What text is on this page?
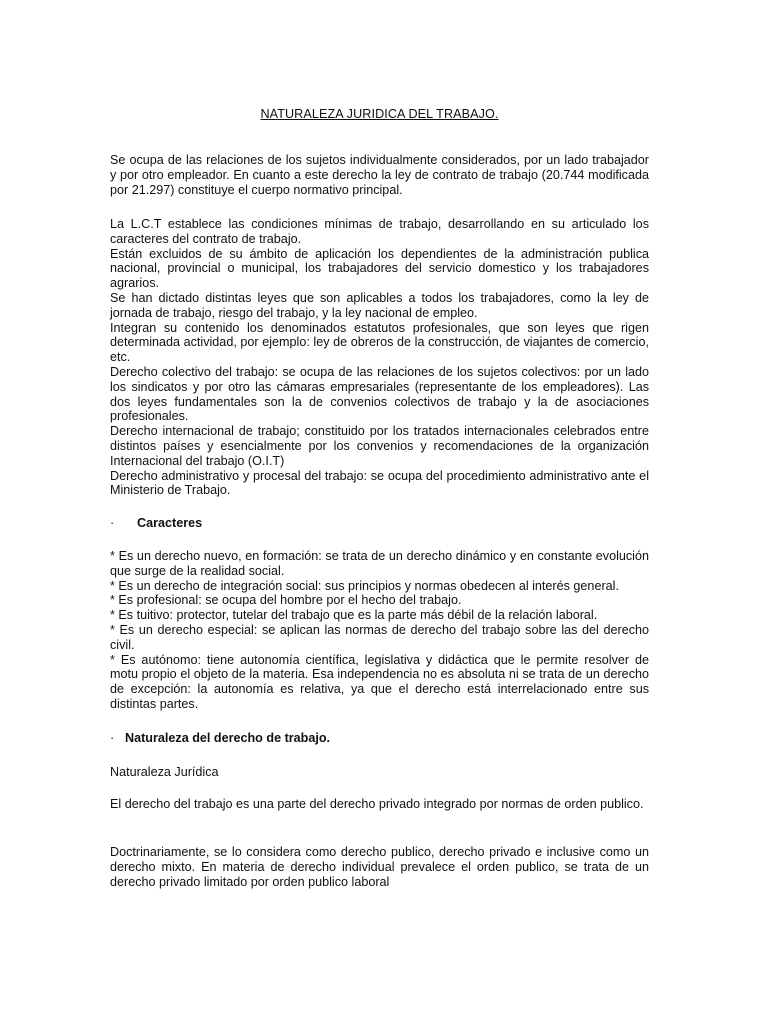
NATURALEZA JURIDICA DEL TRABAJO.

Se ocupa de las relaciones de los sujetos individualmente considerados, por un lado trabajador y por otro empleador. En cuanto a este derecho la ley de contrato de trabajo (20.744 modificada por 21.297) constituye el cuerpo normativo principal.

La L.C.T establece las condiciones mínimas de trabajo, desarrollando en su articulado los caracteres del contrato de trabajo.

Están excluidos de su ámbito de aplicación los dependientes de la administración publica nacional, provincial o municipal, los trabajadores del servicio domestico y los trabajadores agrarios.

Se han dictado distintas leyes que son aplicables a todos los trabajadores, como la ley de jornada de trabajo, riesgo del trabajo, y la ley nacional de empleo.

Integran su contenido los denominados estatutos profesionales, que son leyes que rigen determinada actividad, por ejemplo: ley de obreros de la construcción, de viajantes de comercio, etc.

Derecho colectivo del trabajo: se ocupa de las relaciones de los sujetos colectivos: por un lado los sindicatos y por otro las cámaras empresariales (representante de los empleadores). Las dos leyes fundamentales son la de convenios colectivos de trabajo y la de asociaciones profesionales.

Derecho internacional de trabajo; constituido por los tratados internacionales celebrados entre distintos países y esencialmente por los convenios y recomendaciones de la organización Internacional del trabajo (O.I.T)

Derecho administrativo y procesal del trabajo: se ocupa del procedimiento administrativo ante el Ministerio de Trabajo.

·	Caracteres

* Es un derecho nuevo, en formación: se trata de un derecho dinámico y en constante evolución que surge de la realidad social.

* Es un derecho de integración social: sus principios y normas obedecen al interés general.

* Es profesional: se ocupa del hombre por el hecho del trabajo.

* Es tuitivo: protector, tutelar del trabajo que es la parte más débil de la relación laboral.

* Es un derecho especial: se aplican las normas de derecho del trabajo sobre las del derecho civil.

* Es autónomo: tiene autonomía científica, legislativa y didáctica que le permite resolver de motu propio el objeto de la materia. Esa independencia no es absoluta ni se trata de un derecho de excepción: la autonomía es relativa, ya que el derecho está interrelacionado entre sus distintas partes.

· Naturaleza del derecho de trabajo.

Naturaleza Jurídica

El derecho del trabajo es una parte del derecho privado integrado por normas de orden publico.

Doctrinariamente, se lo considera como derecho publico, derecho privado e inclusive como un derecho mixto. En materia de derecho individual prevalece el orden publico, se trata de un derecho privado limitado por orden publico laboral
